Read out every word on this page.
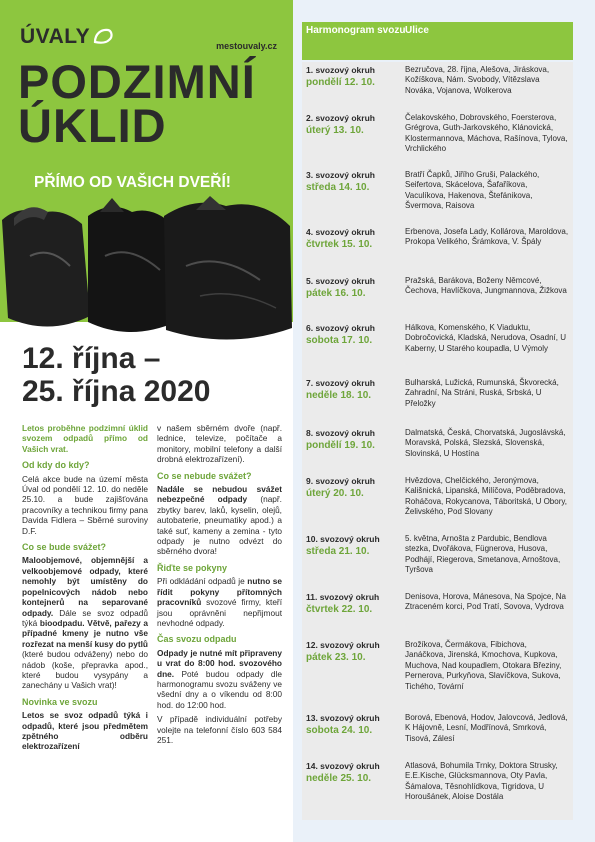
ÚVALY	mestouvaly.cz
PODZIMNÍ
ÚKLID
PŘÍMO OD VAŠICH DVEŘÍ!
12. října –
25. října 2020

Letos proběhne podzimní úklid svozem odpadů přímo od Vašich vrat.

Od kdy do kdy?

Celá akce bude na území města Úval od pondělí 12. 10. do neděle 25.10. a bude zajišťována pracovníky a technikou firmy pana Davida Fidlera – Sběrné suroviny D.F.

Co se bude svážet?

Maloobjemové, objemnější a velkoobjemové odpady, které nemohly být umístěny do popelnicových nádob nebo kontejnerů na separované odpady. Dále se svoz odpadů týká bioodpadu. Větvě, pařezy a případné kmeny je nutno vše rozřezat na menší kusy do pytlů (které budou odváženy) nebo do nádob (koše, přepravka apod., které budou vysypány a zanechány u Vašich vrat)!

Novinka ve svozu

Letos se svoz odpadů týká i odpadů, které jsou předmětem zpětného odběru elektrozařízení

v našem sběrném dvoře (např. lednice, televize, počítače a monitory, mobilní telefony a další drobná elektrozařízení).

Co se nebude svážet?

Nadále se nebudou svážet nebezpečné odpady (např. zbytky barev, laků, kyselin, olejů, autobaterie, pneumatiky apod.) a také suť, kameny a zemina - tyto odpady je nutno odvézt do sběrného dvora!

Řiďte se pokyny

Při odkládání odpadů je nutno se řídit pokyny přítomných pracovníků svozové firmy, kteří jsou oprávněni nepřijmout nevhodné odpady.

Čas svozu odpadu

Odpady je nutné mít připraveny u vrat do 8:00 hod. svozového dne. Poté budou odpady dle harmonogramu svozu sváženy ve všední dny a o víkendu od 8:00 hod. do 12:00 hod.

V případě individuální potřeby volejte na telefonní číslo 603 584 251.

Harmonogram svozu Ulice
1. svozový okruh
pondělí 12. 10.
Bezručova, 28. října, Alešova, Jiráskova, Kožíškova, Nám. Svobody, Vítězslava Nováka, Vojanova, Wolkerova
2. svozový okruh
úterý 13. 10.
Čelakovského, Dobrovského, Foersterova, Grégrova, Guth-Jarkovského, Klánovická, Klostermannova, Máchova, Rašínova, Tylova, Vrchlického
3. svozový okruh
středa 14. 10.
Bratří Čapků, Jiřího Gruši, Palackého, Seifertova, Skácelova, Šafaříkova, Vaculíkova, Hakenova, Štefánikova, Švermova, Raisova
4. svozový okruh
čtvrtek 15. 10.
Erbenova, Josefa Lady, Kollárova, Maroldova, Prokopa Velikého, Šrámkova, V. Špály
5. svozový okruh
pátek 16. 10.
Pražská, Barákova, Boženy Němcové, Čechova, Havlíčkova, Jungmannova, Žižkova
6. svozový okruh
sobota 17. 10.
Hálkova, Komenského, K Viaduktu, Dobročovická, Kladská, Nerudova, Osadní, U Kaberny, U Starého koupadla, U Výmoly
7. svozový okruh
neděle 18. 10.
Bulharská, Lužická, Rumunská, Škvorecká, Zahradní, Na Stráni, Ruská, Srbská, U Přeložky
8. svozový okruh
pondělí 19. 10.
Dalmatská, Česká, Chorvatská, Jugoslávská, Moravská, Polská, Slezská, Slovenská, Slovinská, U Hostína
9. svozový okruh
úterý 20. 10.
Hvězdova, Chelčického, Jeronýmova, Kališnická, Lipanská, Milíčova, Poděbradova, Roháčova, Rokycanova, Táboritská, U Obory, Želivského, Pod Slovany
10. svozový okruh
středa 21. 10.
5. května, Arnošta z Pardubic, Bendlova stezka, Dvořákova, Fügnerova, Husova, Podhájí, Riegerova, Smetanova, Arnoštova, Tyršova
11. svozový okruh
čtvrtek 22. 10.
Denisova, Horova, Mánesova, Na Spojce, Na Ztraceném korci, Pod Tratí, Sovova, Vydrova
12. svozový okruh
pátek 23. 10.
Brožíkova, Čermákova, Fibichova, Janáčkova, Jirenská, Kmochova, Kupkova, Muchova, Nad koupadlem, Otokara Březiny, Pernerova, Purkyňova, Slavíčkova, Sukova, Tichého, Tovární
13. svozový okruh
sobota 24. 10.
Borová, Ebenová, Hodov, Jalovcová, Jedlová, K Hájovně, Lesní, Modřínová, Smrková, Tisová, Zálesí
14. svozový okruh
neděle 25. 10.
Atlasová, Bohumila Trnky, Doktora Strusky, E.E.Kische, Glücksmannova, Oty Pavla, Šámalova, Těsnohlídkova, Tigridova, U Horoušánek, Aloise Dostála
